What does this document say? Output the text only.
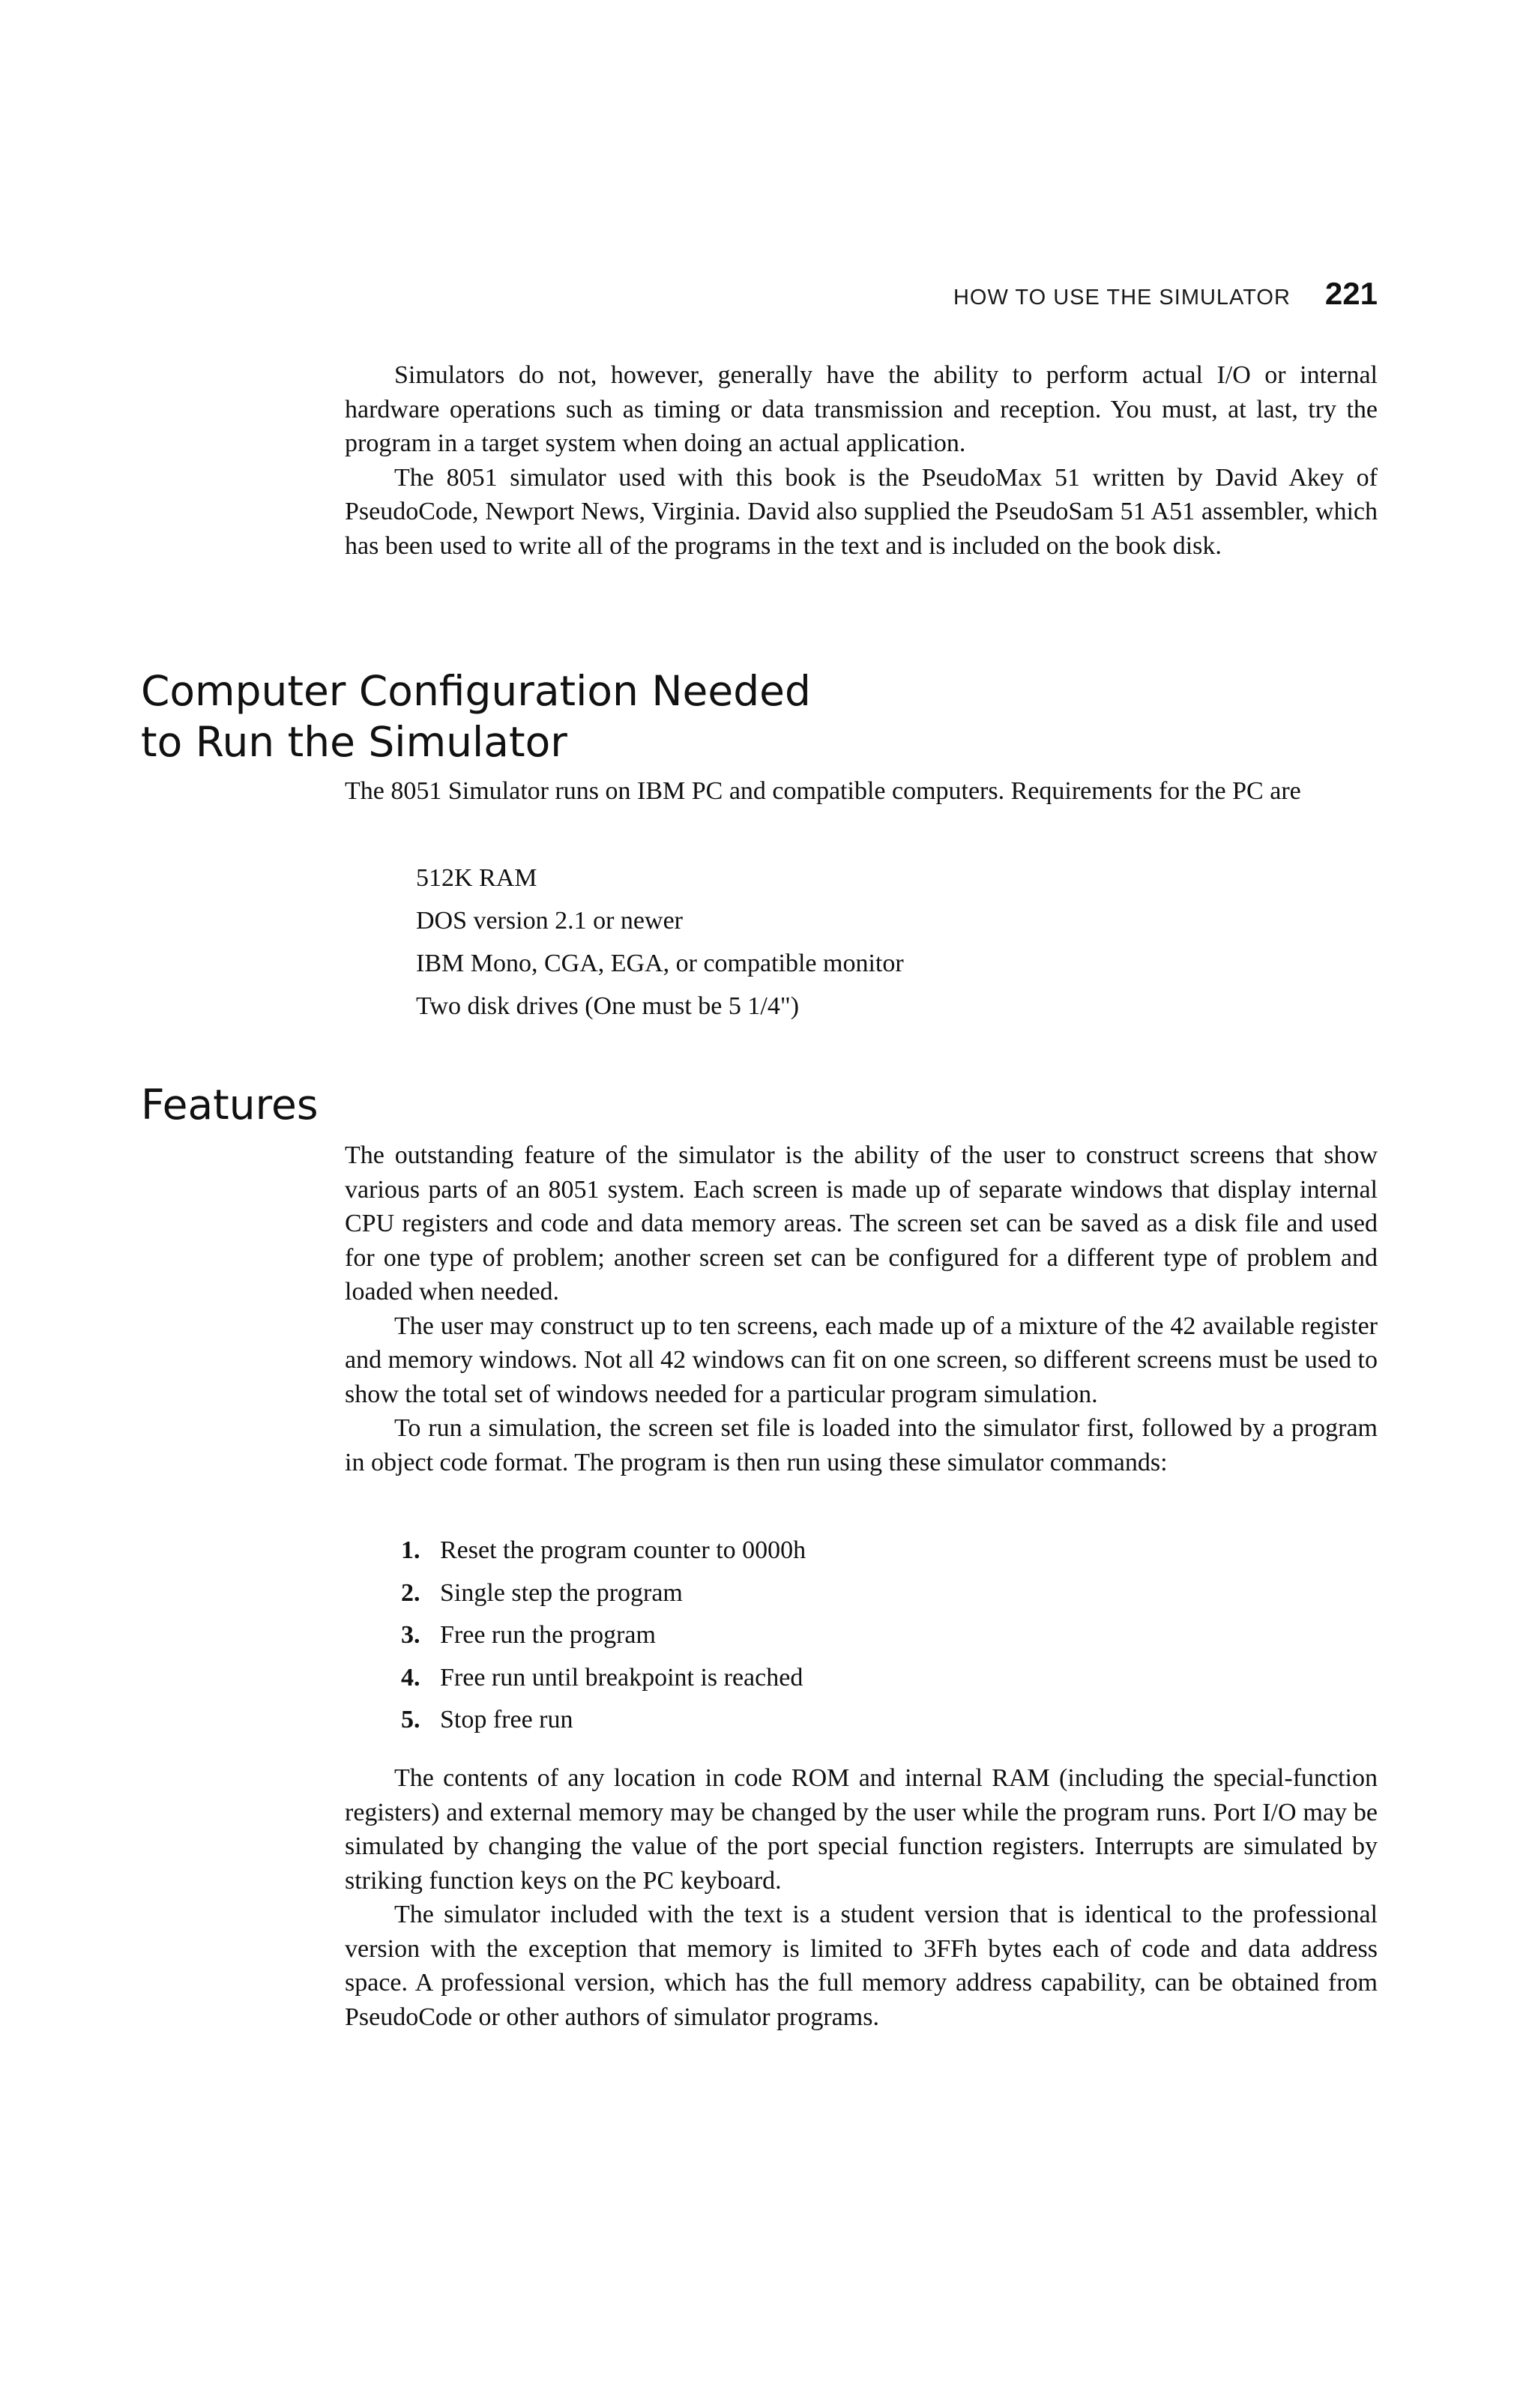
HOW TO USE THE SIMULATOR 221

Simulators do not, however, generally have the ability to perform actual I/O or internal hardware operations such as timing or data transmission and reception. You must, at last, try the program in a target system when doing an actual application.

The 8051 simulator used with this book is the PseudoMax 51 written by David Akey of PseudoCode, Newport News, Virginia. David also supplied the PseudoSam 51 A51 assembler, which has been used to write all of the programs in the text and is included on the book disk.

Computer Configuration Needed
to Run the Simulator

The 8051 Simulator runs on IBM PC and compatible computers. Requirements for the PC are

512K RAM
DOS version 2.1 or newer
IBM Mono, CGA, EGA, or compatible monitor
Two disk drives (One must be 5 1/4")
Features

The outstanding feature of the simulator is the ability of the user to construct screens that show various parts of an 8051 system. Each screen is made up of separate windows that display internal CPU registers and code and data memory areas. The screen set can be saved as a disk file and used for one type of problem; another screen set can be configured for a different type of problem and loaded when needed.

The user may construct up to ten screens, each made up of a mixture of the 42 available register and memory windows. Not all 42 windows can fit on one screen, so different screens must be used to show the total set of windows needed for a particular program simulation.

To run a simulation, the screen set file is loaded into the simulator first, followed by a program in object code format. The program is then run using these simulator commands:

1. Reset the program counter to 0000h
2. Single step the program
3. Free run the program
4. Free run until breakpoint is reached
5. Stop free run

The contents of any location in code ROM and internal RAM (including the special-function registers) and external memory may be changed by the user while the program runs. Port I/O may be simulated by changing the value of the port special function registers. Interrupts are simulated by striking function keys on the PC keyboard.

The simulator included with the text is a student version that is identical to the professional version with the exception that memory is limited to 3FFh bytes each of code and data address space. A professional version, which has the full memory address capability, can be obtained from PseudoCode or other authors of simulator programs.
